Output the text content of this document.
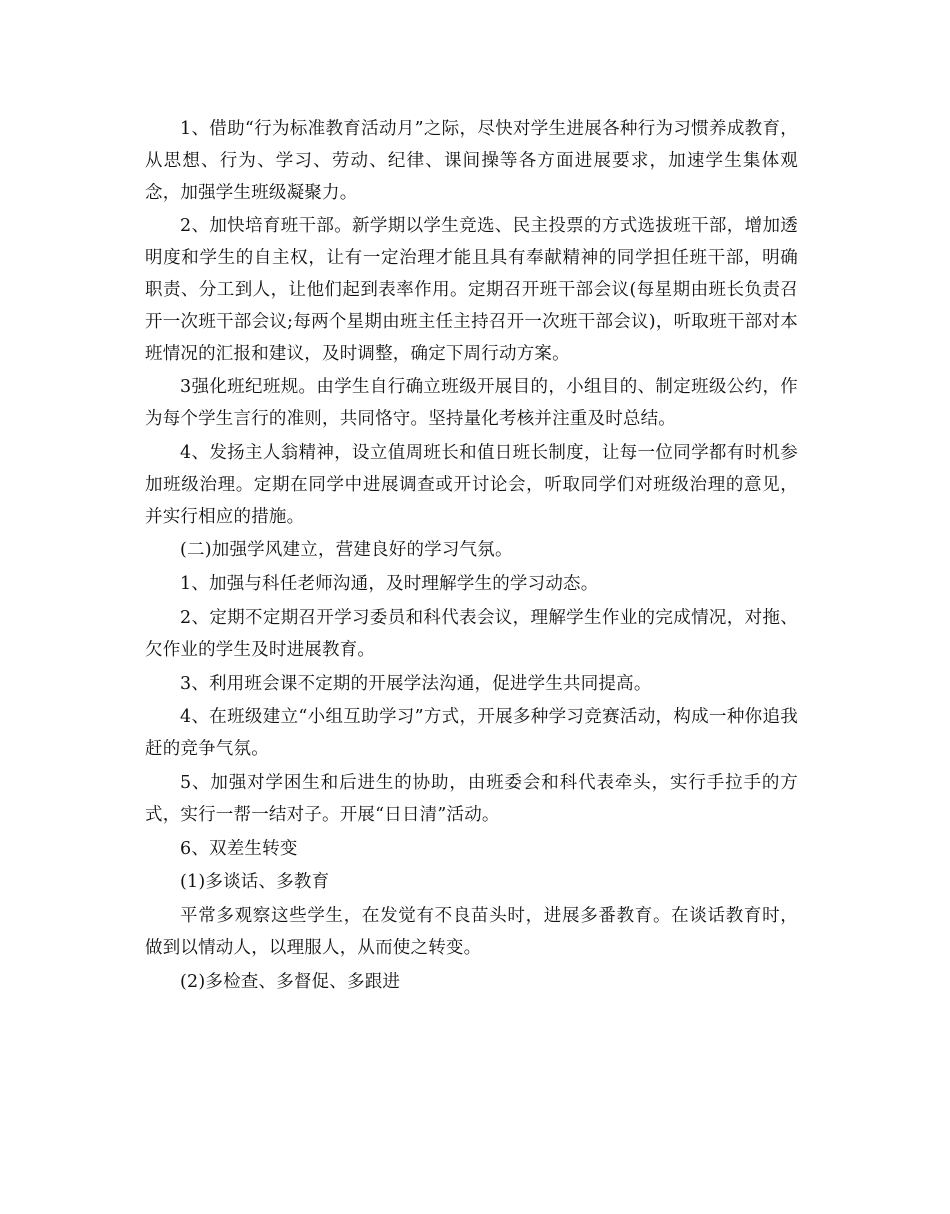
1、借助“行为标准教育活动月”之际，尽快对学生进展各种行为习惯养成教育，从思想、行为、学习、劳动、纪律、课间操等各方面进展要求，加速学生集体观念，加强学生班级凝聚力。

2、加快培育班干部。新学期以学生竞选、民主投票的方式选拔班干部，增加透明度和学生的自主权，让有一定治理才能且具有奉献精神的同学担任班干部，明确职责、分工到人，让他们起到表率作用。定期召开班干部会议(每星期由班长负责召开一次班干部会议;每两个星期由班主任主持召开一次班干部会议)，听取班干部对本班情况的汇报和建议，及时调整，确定下周行动方案。

3强化班纪班规。由学生自行确立班级开展目的，小组目的、制定班级公约，作为每个学生言行的准则，共同恪守。坚持量化考核并注重及时总结。

4、发扬主人翁精神，设立值周班长和值日班长制度，让每一位同学都有时机参加班级治理。定期在同学中进展调查或开讨论会，听取同学们对班级治理的意见，并实行相应的措施。

(二)加强学风建立，营建良好的学习气氛。

1、加强与科任老师沟通，及时理解学生的学习动态。

2、定期不定期召开学习委员和科代表会议，理解学生作业的完成情况，对拖、欠作业的学生及时进展教育。

3、利用班会课不定期的开展学法沟通，促进学生共同提高。

4、在班级建立“小组互助学习”方式，开展多种学习竞赛活动，构成一种你追我赶的竞争气氛。

5、加强对学困生和后进生的协助，由班委会和科代表牵头，实行手拉手的方式，实行一帮一结对子。开展“日日清”活动。

6、双差生转变

(1)多谈话、多教育

平常多观察这些学生，在发觉有不良苗头时，进展多番教育。在谈话教育时，做到以情动人，以理服人，从而使之转变。

(2)多检查、多督促、多跟进
